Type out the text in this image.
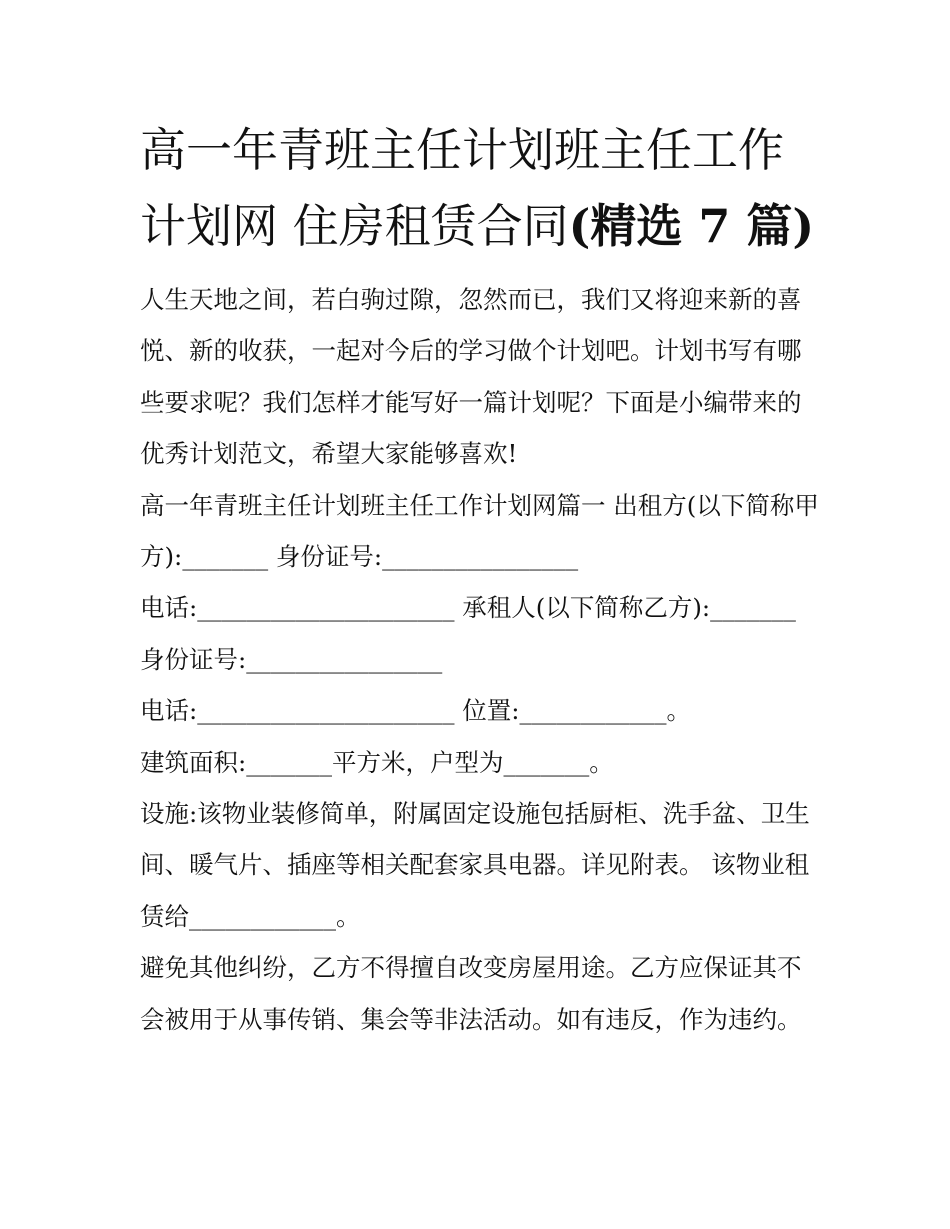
高一年青班主任计划班主任工作计划网 住房租赁合同(精选 7 篇)

人生天地之间，若白驹过隙，忽然而已，我们又将迎来新的喜悦、新的收获，一起对今后的学习做个计划吧。计划书写有哪些要求呢？我们怎样才能写好一篇计划呢？下面是小编带来的优秀计划范文，希望大家能够喜欢!

高一年青班主任计划班主任工作计划网篇一 出租方(以下简称甲方):_______ 身份证号:________________

电话:_____________________ 承租人(以下简称乙方):_______ 身份证号:________________

电话:_____________________ 位置:____________。

建筑面积:_______平方米，户型为_______。

设施:该物业装修简单，附属固定设施包括厨柜、洗手盆、卫生间、暖气片、插座等相关配套家具电器。详见附表。 该物业租赁给____________。

避免其他纠纷，乙方不得擅自改变房屋用途。乙方应保证其不会被用于从事传销、集会等非法活动。如有违反，作为违约。
